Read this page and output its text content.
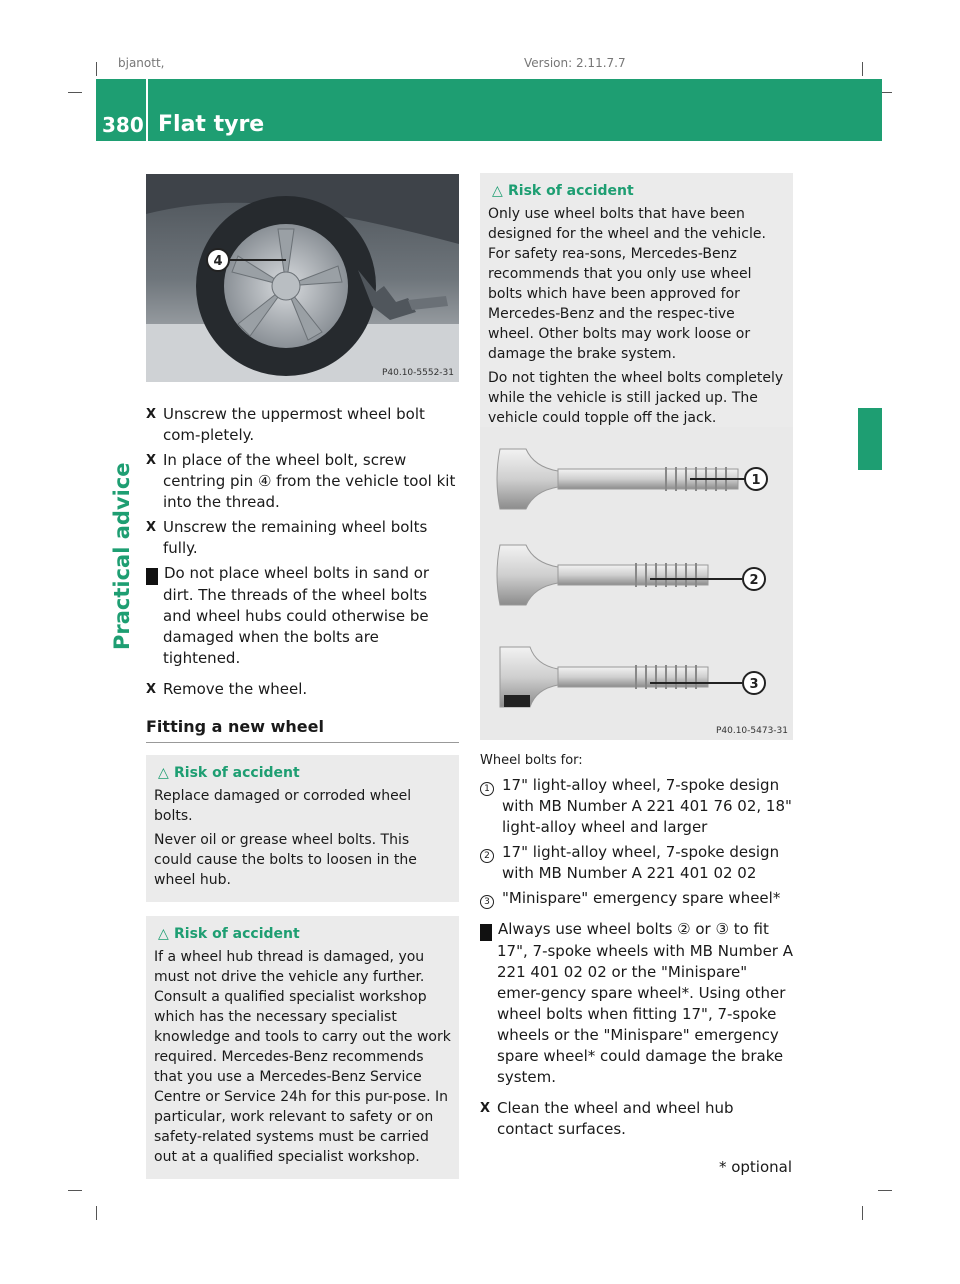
bjanott,	Version: 2.11.7.7
380 Flat tyre
Practical advice
4
P40.10-5552-31
X Unscrew the uppermost wheel bolt com-pletely.
X In place of the wheel bolt, screw centring pin ④ from the vehicle tool kit into the thread.
X Unscrew the remaining wheel bolts fully.
! Do not place wheel bolts in sand or dirt. The threads of the wheel bolts and wheel hubs could otherwise be damaged when the bolts are tightened.
X Remove the wheel.
Fitting a new wheel
△ Risk of accident

Replace damaged or corroded wheel bolts.

Never oil or grease wheel bolts. This could cause the bolts to loosen in the wheel hub.

△ Risk of accident

If a wheel hub thread is damaged, you must not drive the vehicle any further. Consult a qualified specialist workshop which has the necessary specialist knowledge and tools to carry out the work required. Mercedes-Benz recommends that you use a Mercedes-Benz Service Centre or Service 24h for this pur-pose. In particular, work relevant to safety or on safety-related systems must be carried out at a qualified specialist workshop.

△ Risk of accident

Only use wheel bolts that have been designed for the wheel and the vehicle. For safety rea-sons, Mercedes-Benz recommends that you only use wheel bolts which have been approved for Mercedes-Benz and the respec-tive wheel. Other bolts may work loose or damage the brake system.

Do not tighten the wheel bolts completely while the vehicle is still jacked up. The vehicle could topple off the jack.

1
2
3
P40.10-5473-31
Wheel bolts for:
1 17" light-alloy wheel, 7-spoke design with MB Number A 221 401 76 02, 18" light-alloy wheel and larger
2 17" light-alloy wheel, 7-spoke design with MB Number A 221 401 02 02
3 "Minispare" emergency spare wheel*
! Always use wheel bolts ② or ③ to fit 17", 7-spoke wheels with MB Number A 221 401 02 02 or the "Minispare" emer-gency spare wheel*. Using other wheel bolts when fitting 17", 7-spoke wheels or the "Minispare" emergency spare wheel* could damage the brake system.
X Clean the wheel and wheel hub contact surfaces.
* optional
